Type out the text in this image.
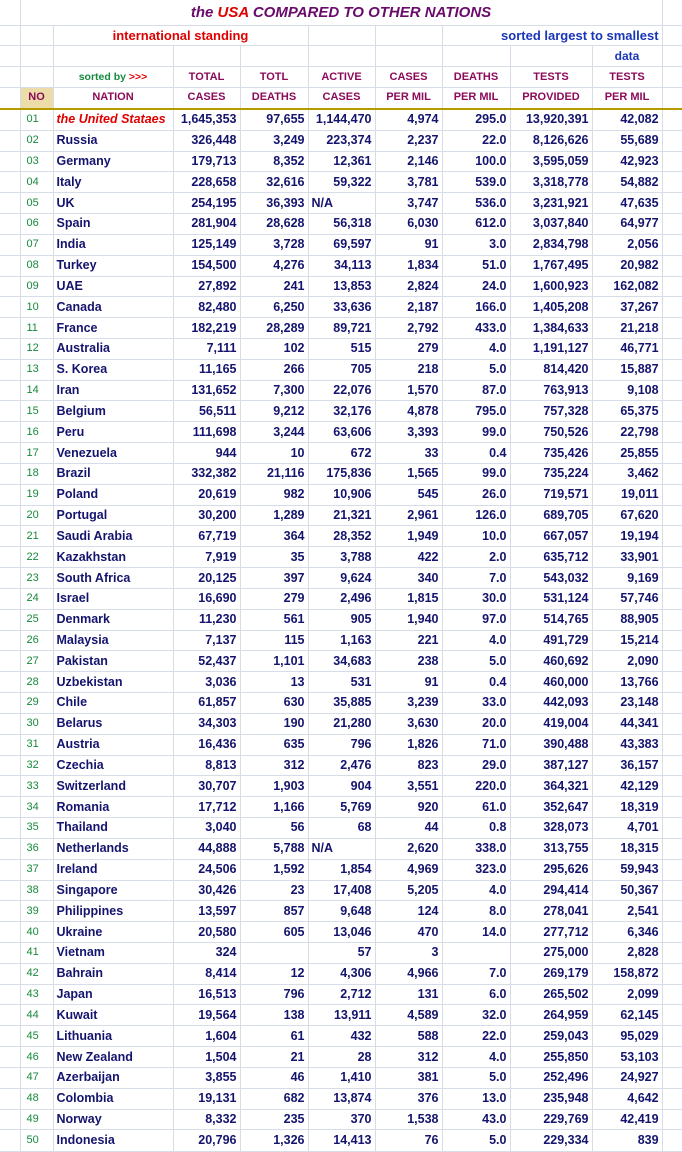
	the USA COMPARED TO OTHER NATIONS									
		international standing					sorted largest to smallest			
									data	
		sorted by >>>	TOTAL	TOTL	ACTIVE	CASES	DEATHS	TESTS	TESTS	
	NO	NATION	CASES	DEATHS	CASES	PER MIL	PER MIL	PROVIDED	PER MIL	
	01	the United Stataes	1,645,353	97,655	1,144,470	4,974	295.0	13,920,391	42,082	
	02	Russia	326,448	3,249	223,374	2,237	22.0	8,126,626	55,689	
	03	Germany	179,713	8,352	12,361	2,146	100.0	3,595,059	42,923	
	04	Italy	228,658	32,616	59,322	3,781	539.0	3,318,778	54,882	
	05	UK	254,195	36,393	N/A	3,747	536.0	3,231,921	47,635	
	06	Spain	281,904	28,628	56,318	6,030	612.0	3,037,840	64,977	
	07	India	125,149	3,728	69,597	91	3.0	2,834,798	2,056	
	08	Turkey	154,500	4,276	34,113	1,834	51.0	1,767,495	20,982	
	09	UAE	27,892	241	13,853	2,824	24.0	1,600,923	162,082	
	10	Canada	82,480	6,250	33,636	2,187	166.0	1,405,208	37,267	
	11	France	182,219	28,289	89,721	2,792	433.0	1,384,633	21,218	
	12	Australia	7,111	102	515	279	4.0	1,191,127	46,771	
	13	S. Korea	11,165	266	705	218	5.0	814,420	15,887	
	14	Iran	131,652	7,300	22,076	1,570	87.0	763,913	9,108	
	15	Belgium	56,511	9,212	32,176	4,878	795.0	757,328	65,375	
	16	Peru	111,698	3,244	63,606	3,393	99.0	750,526	22,798	
	17	Venezuela	944	10	672	33	0.4	735,426	25,855	
	18	Brazil	332,382	21,116	175,836	1,565	99.0	735,224	3,462	
	19	Poland	20,619	982	10,906	545	26.0	719,571	19,011	
	20	Portugal	30,200	1,289	21,321	2,961	126.0	689,705	67,620	
	21	Saudi Arabia	67,719	364	28,352	1,949	10.0	667,057	19,194	
	22	Kazakhstan	7,919	35	3,788	422	2.0	635,712	33,901	
	23	South Africa	20,125	397	9,624	340	7.0	543,032	9,169	
	24	Israel	16,690	279	2,496	1,815	30.0	531,124	57,746	
	25	Denmark	11,230	561	905	1,940	97.0	514,765	88,905	
	26	Malaysia	7,137	115	1,163	221	4.0	491,729	15,214	
	27	Pakistan	52,437	1,101	34,683	238	5.0	460,692	2,090	
	28	Uzbekistan	3,036	13	531	91	0.4	460,000	13,766	
	29	Chile	61,857	630	35,885	3,239	33.0	442,093	23,148	
	30	Belarus	34,303	190	21,280	3,630	20.0	419,004	44,341	
	31	Austria	16,436	635	796	1,826	71.0	390,488	43,383	
	32	Czechia	8,813	312	2,476	823	29.0	387,127	36,157	
	33	Switzerland	30,707	1,903	904	3,551	220.0	364,321	42,129	
	34	Romania	17,712	1,166	5,769	920	61.0	352,647	18,319	
	35	Thailand	3,040	56	68	44	0.8	328,073	4,701	
	36	Netherlands	44,888	5,788	N/A	2,620	338.0	313,755	18,315	
	37	Ireland	24,506	1,592	1,854	4,969	323.0	295,626	59,943	
	38	Singapore	30,426	23	17,408	5,205	4.0	294,414	50,367	
	39	Philippines	13,597	857	9,648	124	8.0	278,041	2,541	
	40	Ukraine	20,580	605	13,046	470	14.0	277,712	6,346	
	41	Vietnam	324		57	3		275,000	2,828	
	42	Bahrain	8,414	12	4,306	4,966	7.0	269,179	158,872	
	43	Japan	16,513	796	2,712	131	6.0	265,502	2,099	
	44	Kuwait	19,564	138	13,911	4,589	32.0	264,959	62,145	
	45	Lithuania	1,604	61	432	588	22.0	259,043	95,029	
	46	New Zealand	1,504	21	28	312	4.0	255,850	53,103	
	47	Azerbaijan	3,855	46	1,410	381	5.0	252,496	24,927	
	48	Colombia	19,131	682	13,874	376	13.0	235,948	4,642	
	49	Norway	8,332	235	370	1,538	43.0	229,769	42,419	
	50	Indonesia	20,796	1,326	14,413	76	5.0	229,334	839	
